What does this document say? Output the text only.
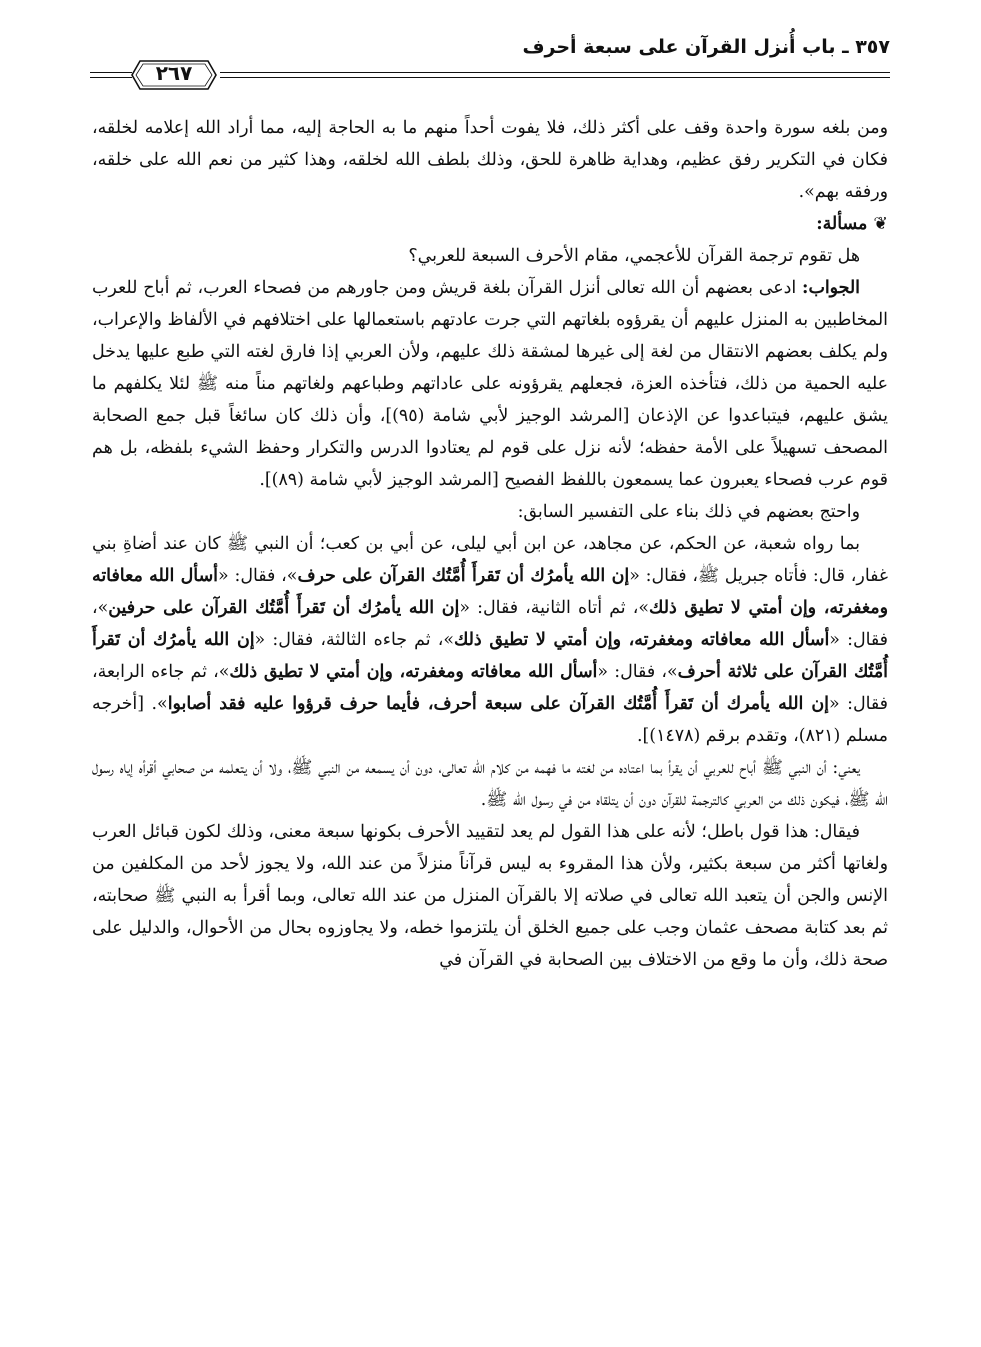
٣٥٧ ـ باب أُنزل القرآن على سبعة أحرف
٢٦٧

ومن بلغه سورة واحدة وقف على أكثر ذلك، فلا يفوت أحداً منهم ما به الحاجة إليه، مما أراد الله إعلامه لخلقه، فكان في التكرير رفق عظيم، وهداية ظاهرة للحق، وذلك بلطف الله لخلقه، وهذا كثير من نعم الله على خلقه، ورفقه بهم».

❦ مسألة:

هل تقوم ترجمة القرآن للأعجمي، مقام الأحرف السبعة للعربي؟

الجواب: ادعى بعضهم أن الله تعالى أنزل القرآن بلغة قريش ومن جاورهم من فصحاء العرب، ثم أباح للعرب المخاطبين به المنزل عليهم أن يقرؤوه بلغاتهم التي جرت عادتهم باستعمالها على اختلافهم في الألفاظ والإعراب، ولم يكلف بعضهم الانتقال من لغة إلى غيرها لمشقة ذلك عليهم، ولأن العربي إذا فارق لغته التي طبع عليها يدخل عليه الحمية من ذلك، فتأخذه العزة، فجعلهم يقرؤونه على عاداتهم وطباعهم ولغاتهم مناً منه ﷺ لئلا يكلفهم ما يشق عليهم، فيتباعدوا عن الإذعان [المرشد الوجيز لأبي شامة (٩٥)]، وأن ذلك كان سائغاً قبل جمع الصحابة المصحف تسهيلاً على الأمة حفظه؛ لأنه نزل على قوم لم يعتادوا الدرس والتكرار وحفظ الشيء بلفظه، بل هم قوم عرب فصحاء يعبرون عما يسمعون باللفظ الفصيح [المرشد الوجيز لأبي شامة (٨٩)].

واحتج بعضهم في ذلك بناء على التفسير السابق:

بما رواه شعبة، عن الحكم، عن مجاهد، عن ابن أبي ليلى، عن أبي بن كعب؛ أن النبي ﷺ كان عند أضاةِ بني غفار، قال: فأتاه جبريل ﷺ، فقال: «إن الله يأمرُك أن تَقرأَ أُمَّتُك القرآن على حرف»، فقال: «أسأل الله معافاته ومغفرته، وإن أمتي لا تطيق ذلك»، ثم أتاه الثانية، فقال: «إن الله يأمرُك أن تَقرأَ أُمَّتُك القرآن على حرفين»، فقال: «أسأل الله معافاته ومغفرته، وإن أمتي لا تطيق ذلك»، ثم جاءه الثالثة، فقال: «إن الله يأمرُك أن تَقرأَ أُمَّتُك القرآن على ثلاثة أحرف»، فقال: «أسأل الله معافاته ومغفرته، وإن أمتي لا تطيق ذلك»، ثم جاءه الرابعة، فقال: «إن الله يأمرك أن تَقرأَ أُمَّتُك القرآن على سبعة أحرف، فأيما حرف قرؤوا عليه فقد أصابوا». [أخرجه مسلم (٨٢١)، وتقدم برقم (١٤٧٨)].

يعني: أن النبي ﷺ أباح للعربي أن يقرأ بما اعتاده من لغته ما فهمه من كلام الله تعالى، دون أن يسمعه من النبي ﷺ، ولا أن يتعلمه من صحابي أقرأه إياه رسول الله ﷺ، فيكون ذلك من العربي كالترجمة للقرآن دون أن يتلقاه من في رسول الله ﷺ.

فيقال: هذا قول باطل؛ لأنه على هذا القول لم يعد لتقييد الأحرف بكونها سبعة معنى، وذلك لكون قبائل العرب ولغاتها أكثر من سبعة بكثير، ولأن هذا المقروء به ليس قرآناً منزلاً من عند الله، ولا يجوز لأحد من المكلفين من الإنس والجن أن يتعبد الله تعالى في صلاته إلا بالقرآن المنزل من عند الله تعالى، وبما أقرأ به النبي ﷺ صحابته، ثم بعد كتابة مصحف عثمان وجب على جميع الخلق أن يلتزموا خطه، ولا يجاوزوه بحال من الأحوال، والدليل على صحة ذلك، وأن ما وقع من الاختلاف بين الصحابة في القرآن في
